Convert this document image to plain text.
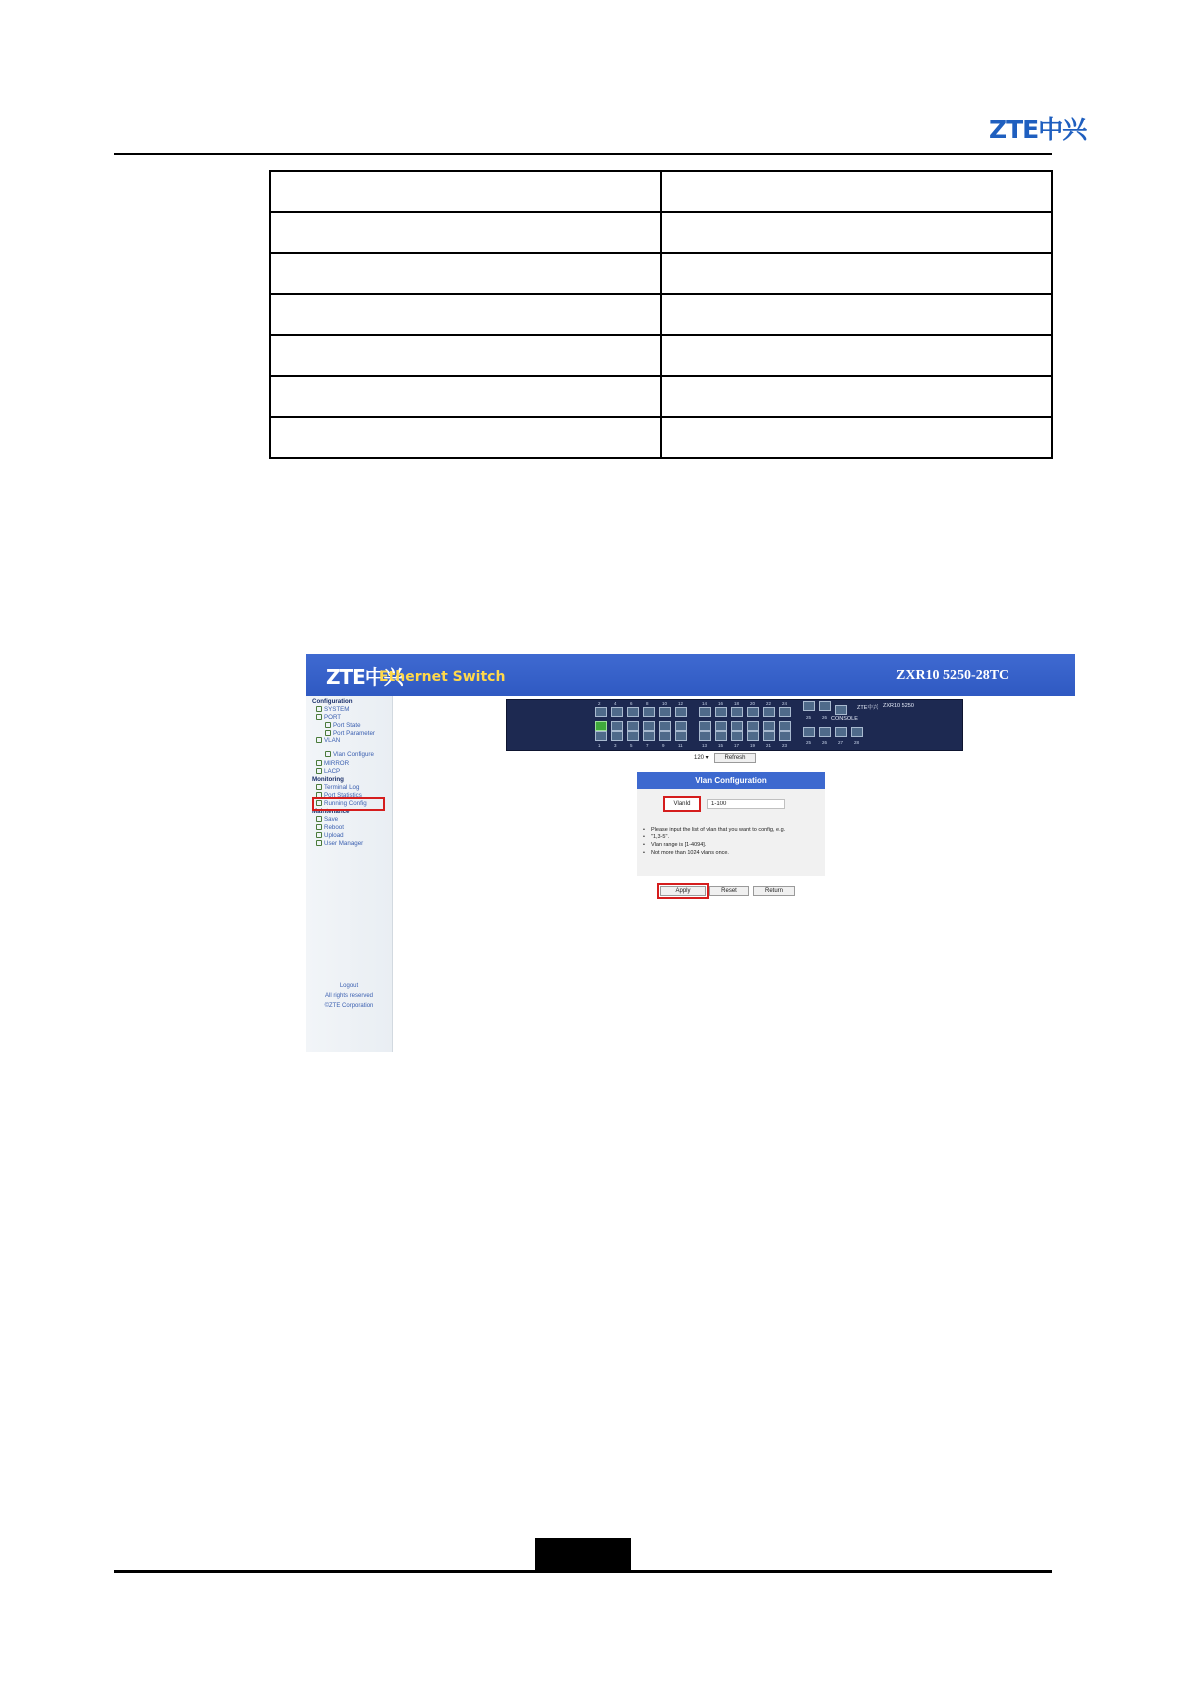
ZTE中兴

ZTE中兴
Ethernet Switch	ZXR10 5250-28TC
Configuration
SYSTEM
PORT
Port State
Port Parameter
VLAN
Vlan Configure
MIRROR
LACP
Monitoring
Terminal Log
Port Statistics
Running Config
Maintenance
Save
Reboot
Upload
User Manager
Logout
All rights reserved
©ZTE Corporation
ZTE中兴 ZXR10 5250
CONSOLE
2
1
4
3
6
5
8
7
10
9
12
11
14
13
16
15
18
17
20
19
22
21
24
23
25 26
25 26 27 28
120 ▾	Refresh
Vlan Configuration
VlanId
1-100
• Please input the list of vlan that you want to config, e.g.
• "1,3-5".
• Vlan range is [1-4094].
• Not more than 1024 vlans once.
Apply	Reset	Return
